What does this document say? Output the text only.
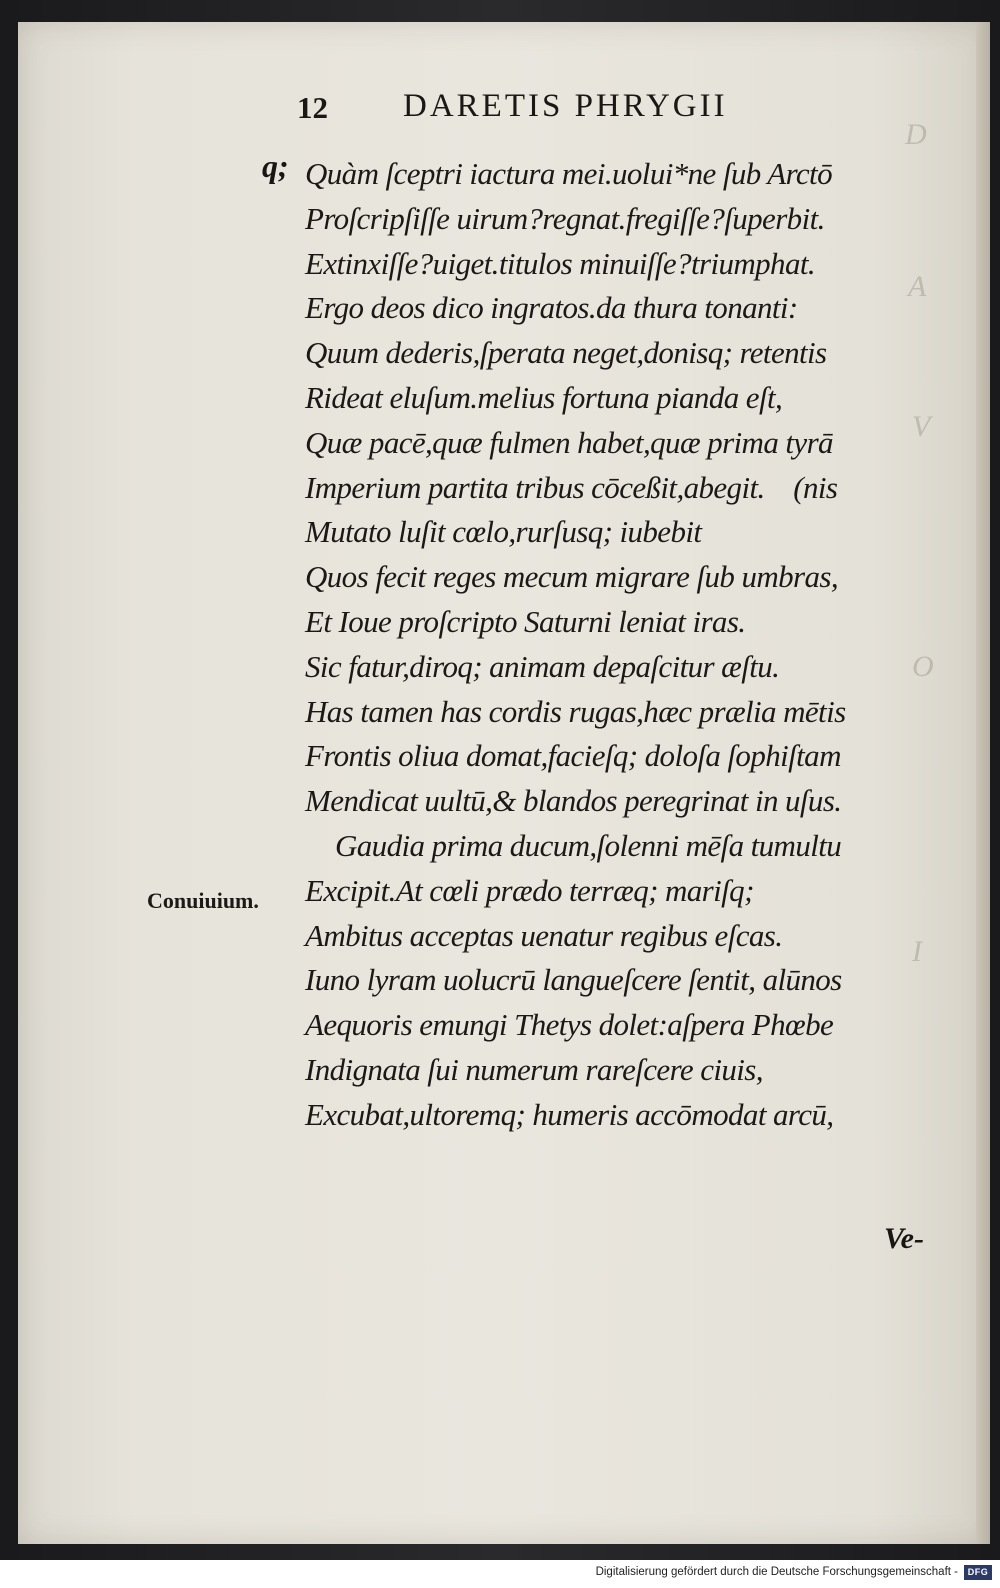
D
A
V
O
I
12 DARETIS PHRYGII
q;
Conuiuium.
Quàm ſceptri iactura mei.uolui*ne ſub Arctō
Proſcripſiſſe uirum?regnat.fregiſſe?ſuperbit.
Extinxiſſe?uiget.titulos minuiſſe?triumphat.
Ergo deos dico ingratos.da thura tonanti:
Quum dederis,ſperata neget,donisq; retentis
Rideat eluſum.melius fortuna pianda eſt,
Quæ pacē,quæ fulmen habet,quæ prima tyrā
Imperium partita tribus cōceßit,abegit.    (nis
Mutato luſit cœlo,rurſusq; iubebit
Quos fecit reges mecum migrare ſub umbras,
Et Ioue proſcripto Saturni leniat iras.
Sic fatur,diroq; animam depaſcitur æſtu.
Has tamen has cordis rugas,hæc prælia mētis
Frontis oliua domat,facieſq; doloſa ſophiſtam
Mendicat uultū,& blandos peregrinat in uſus.
Gaudia prima ducum,ſolenni mēſa tumultu
Excipit.At cœli prædo terræq; mariſq;
Ambitus acceptas uenatur regibus eſcas.
Iuno lyram uolucrū langueſcere ſentit, alūnos
Aequoris emungi Thetys dolet:aſpera Phœbe
Indignata ſui numerum rareſcere ciuis,
Excubat,ultoremq; humeris accōmodat arcū,
Ve-
Digitalisierung gefördert durch die Deutsche Forschungsgemeinschaft -	DFG
